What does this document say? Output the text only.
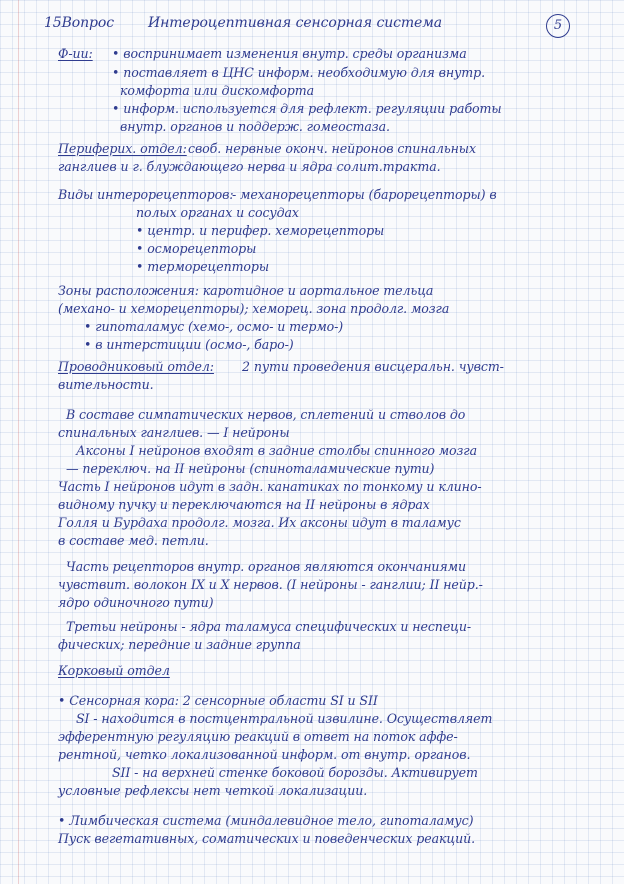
15Вопрос Интероцептивная сенсорная система	5
Ф-ии: • воспринимает изменения внутр. среды организма
• поставляет в ЦНС информ. необходимую для внутр.
комфорта или дискомфорта
• информ. используется для рефлект. регуляции работы
внутр. органов и поддерж. гомеостаза.
Перифериx. отдел: своб. нервные оконч. нейронов спинальных
ганглиев и г. блуждающего нерва и ядра солит.тракта.
Виды интерорецепторов:
- механорецепторы (барорецепторы) в
полых органах и сосудах
• центр. и перифер. хеморецепторы
• осморецепторы
• терморецепторы
Зоны расположения: каротидное и аортальное тельца
(механо- и хеморецепторы); хеморец. зона продолг. мозга
• гипоталамус (хемо-, осмо- и термо-)
• в интерстиции (осмо-, баро-)
Проводниковый отдел: 2 пути проведения висцеральн. чувст-
вительности.
В составе симпатических нервов, сплетений и стволов до
спинальных ганглиев. — I нейроны
Аксоны I нейронов входят в задние столбы спинного мозга
— переключ. на II нейроны (спиноталамические пути)
Часть I нейронов идут в задн. канатиках по тонкому и клино-
видному пучку и переключаются на II нейроны в ядрах
Голля и Бурдаха продолг. мозга. Их аксоны идут в таламус
в составе мед. петли.
Часть рецепторов внутр. органов являются окончаниями
чувствит. волокон IX и X нервов. (I нейроны - ганглии; II нейр.-
ядро одиночного пути)
Третьи нейроны - ядра таламуса специфических и неспеци-
фических; передние и задние группа
Корковый отдел
• Сенсорная кора: 2 сенсорные области SI и SII
SI - находится в постцентральной извилине. Осуществляет
эфферентную регуляцию реакций в ответ на поток аффе-
рентной, четко локализованной информ. от внутр. органов.
SII - на верхней стенке боковой борозды. Активирует
условные рефлексы нет четкой локализации.
• Лимбическая система (миндалевидное тело, гипоталамус)
Пуск вегетативных, соматических и поведенческих реакций.
